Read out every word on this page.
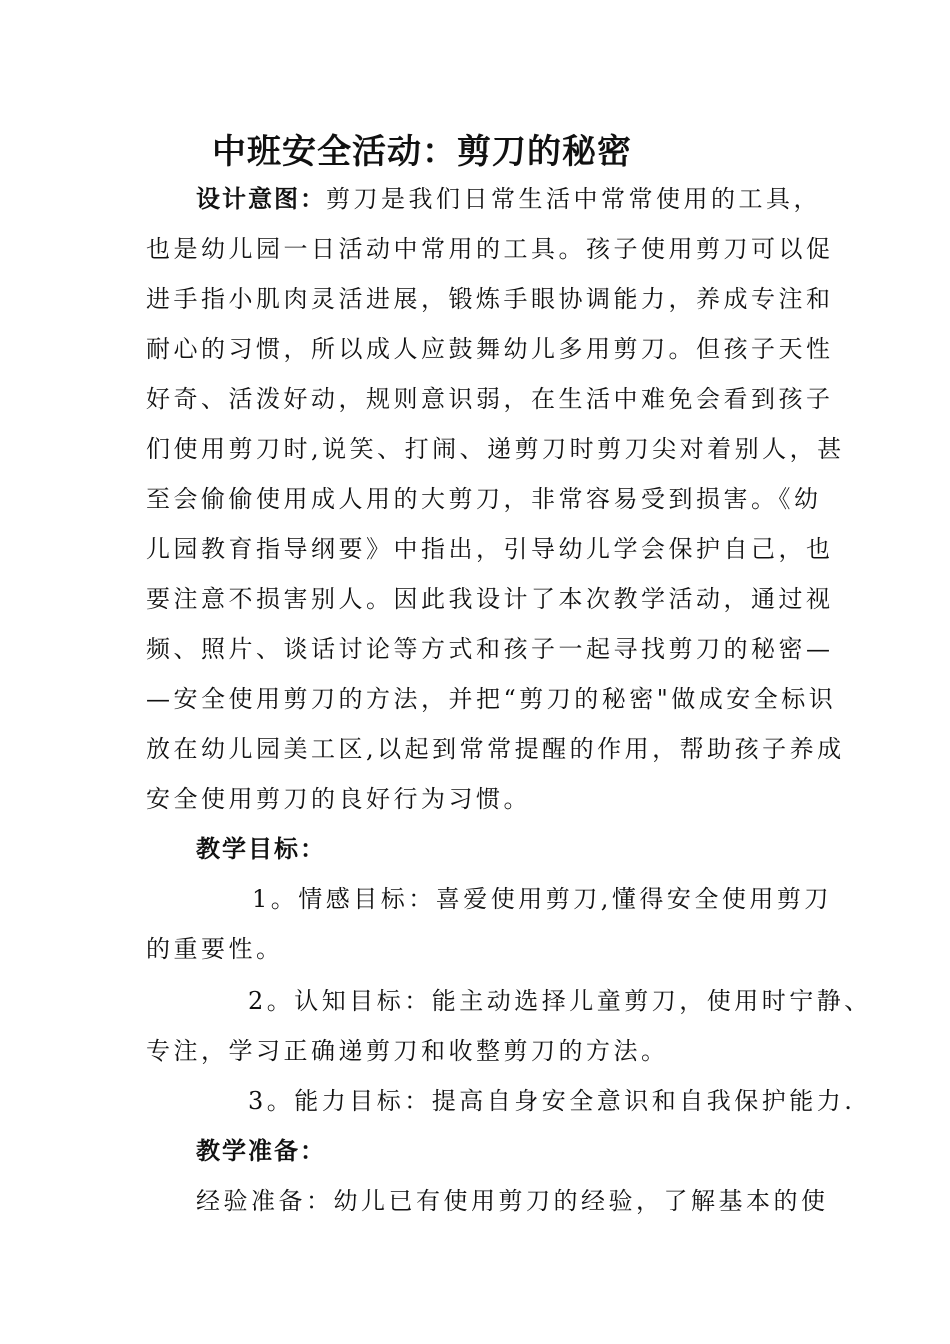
中班安全活动：剪刀的秘密
设计意图：剪刀是我们日常生活中常常使用的工具，
也是幼儿园一日活动中常用的工具。孩子使用剪刀可以促
进手指小肌肉灵活进展，锻炼手眼协调能力，养成专注和
耐心的习惯，所以成人应鼓舞幼儿多用剪刀。但孩子天性
好奇、活泼好动，规则意识弱，在生活中难免会看到孩子
们使用剪刀时,说笑、打闹、递剪刀时剪刀尖对着别人，甚
至会偷偷使用成人用的大剪刀，非常容易受到损害。《幼
儿园教育指导纲要》中指出，引导幼儿学会保护自己，也
要注意不损害别人。因此我设计了本次教学活动，通过视
频、照片、谈话讨论等方式和孩子一起寻找剪刀的秘密—
—安全使用剪刀的方法，并把“剪刀的秘密"做成安全标识
放在幼儿园美工区,以起到常常提醒的作用，帮助孩子养成
安全使用剪刀的良好行为习惯。
教学目标：
1。情感目标：喜爱使用剪刀,懂得安全使用剪刀
的重要性。
2。认知目标：能主动选择儿童剪刀，使用时宁静、
专注，学习正确递剪刀和收整剪刀的方法。
3。能力目标：提高自身安全意识和自我保护能力.
教学准备：
经验准备：幼儿已有使用剪刀的经验，了解基本的使
